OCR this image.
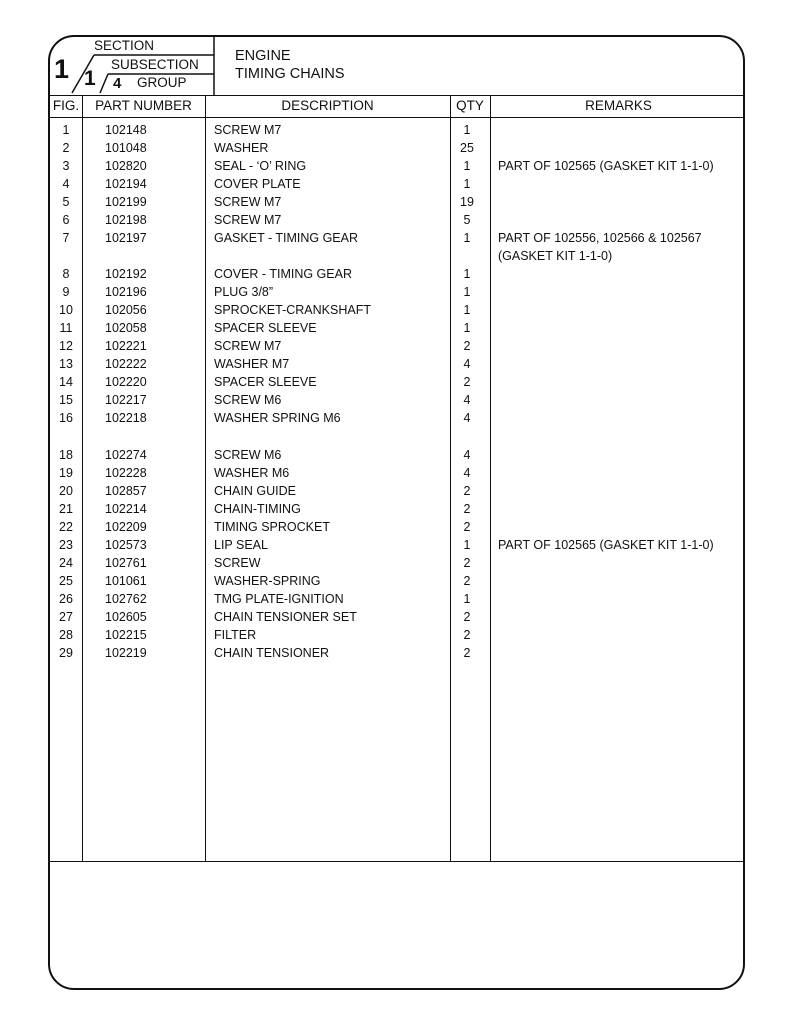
SECTION
SUBSECTION
GROUP
1 1 4
ENGINE
TIMING CHAINS
FIG.	PART NUMBER	DESCRIPTION	QTY	REMARKS
1	102148	SCREW M7	1
2	101048	WASHER	25
3	102820	SEAL - ‘O’ RING	1	PART OF 102565 (GASKET KIT 1-1-0)
4	102194	COVER PLATE	1
5	102199	SCREW M7	19
6	102198	SCREW M7	5
7	102197	GASKET - TIMING GEAR	1	PART OF 102556, 102566 & 102567
(GASKET KIT 1-1-0)
8	102192	COVER - TIMING GEAR	1
9	102196	PLUG 3/8”	1
10	102056	SPROCKET-CRANKSHAFT	1
11	102058	SPACER SLEEVE	1
12	102221	SCREW M7	2
13	102222	WASHER M7	4
14	102220	SPACER SLEEVE	2
15	102217	SCREW M6	4
16	102218	WASHER SPRING M6	4
18	102274	SCREW M6	4
19	102228	WASHER M6	4
20	102857	CHAIN GUIDE	2
21	102214	CHAIN-TIMING	2
22	102209	TIMING SPROCKET	2
23	102573	LIP SEAL	1	PART OF 102565 (GASKET KIT 1-1-0)
24	102761	SCREW	2
25	101061	WASHER-SPRING	2
26	102762	TMG PLATE-IGNITION	1
27	102605	CHAIN TENSIONER SET	2
28	102215	FILTER	2
29	102219	CHAIN TENSIONER	2
